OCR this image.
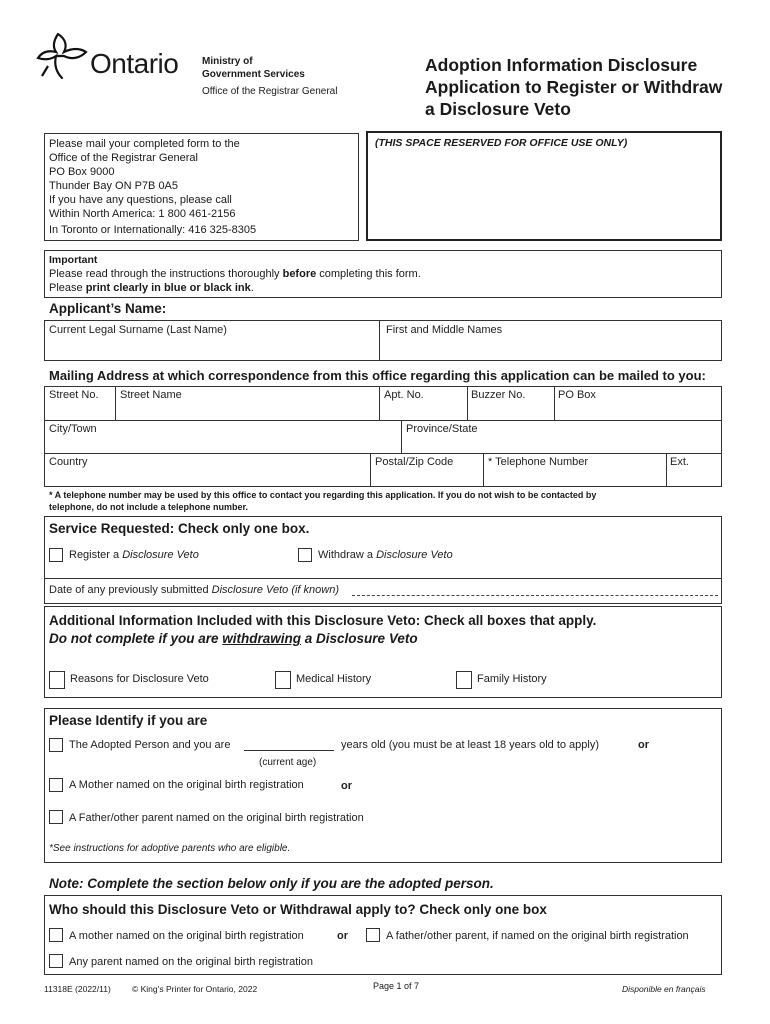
Ontario Ministry of
Government Services
Office of the Registrar General
Adoption Information Disclosure
Application to Register or Withdraw
a Disclosure Veto
Please mail your completed form to the
Office of the Registrar General
PO Box 9000
Thunder Bay ON P7B 0A5
If you have any questions, please call
Within North America: 1 800 461-2156
In Toronto or Internationally: 416 325-8305
(THIS SPACE RESERVED FOR OFFICE USE ONLY)
Important
Please read through the instructions thoroughly before completing this form.
Please print clearly in blue or black ink.
Applicant’s Name:
Current Legal Surname (Last Name)	First and Middle Names
Mailing Address at which correspondence from this office regarding this application can be mailed to you:
Street No. Street Name	Apt. No.	Buzzer No.	PO Box
City/Town	Province/State
Country	Postal/Zip Code	* Telephone Number	Ext.
* A telephone number may be used by this office to contact you regarding this application. If you do not wish to be contacted by
telephone, do not include a telephone number.
Service Requested: Check only one box.
Register a Disclosure Veto	Withdraw a Disclosure Veto
Date of any previously submitted Disclosure Veto (if known)
Additional Information Included with this Disclosure Veto: Check all boxes that apply.
Do not complete if you are withdrawing a Disclosure Veto
Reasons for Disclosure Veto	Medical History	Family History
Please Identify if you are
The Adopted Person and you are	years old (you must be at least 18 years old to apply)	or
(current age)
A Mother named on the original birth registration	or
A Father/other parent named on the original birth registration
*See instructions for adoptive parents who are eligible.
Note: Complete the section below only if you are the adopted person.
Who should this Disclosure Veto or Withdrawal apply to? Check only one box
A mother named on the original birth registration	or	A father/other parent, if named on the original birth registration
Any parent named on the original birth registration
11318E (2022/11) © King’s Printer for Ontario, 2022	Page 1 of 7	Disponible en français
